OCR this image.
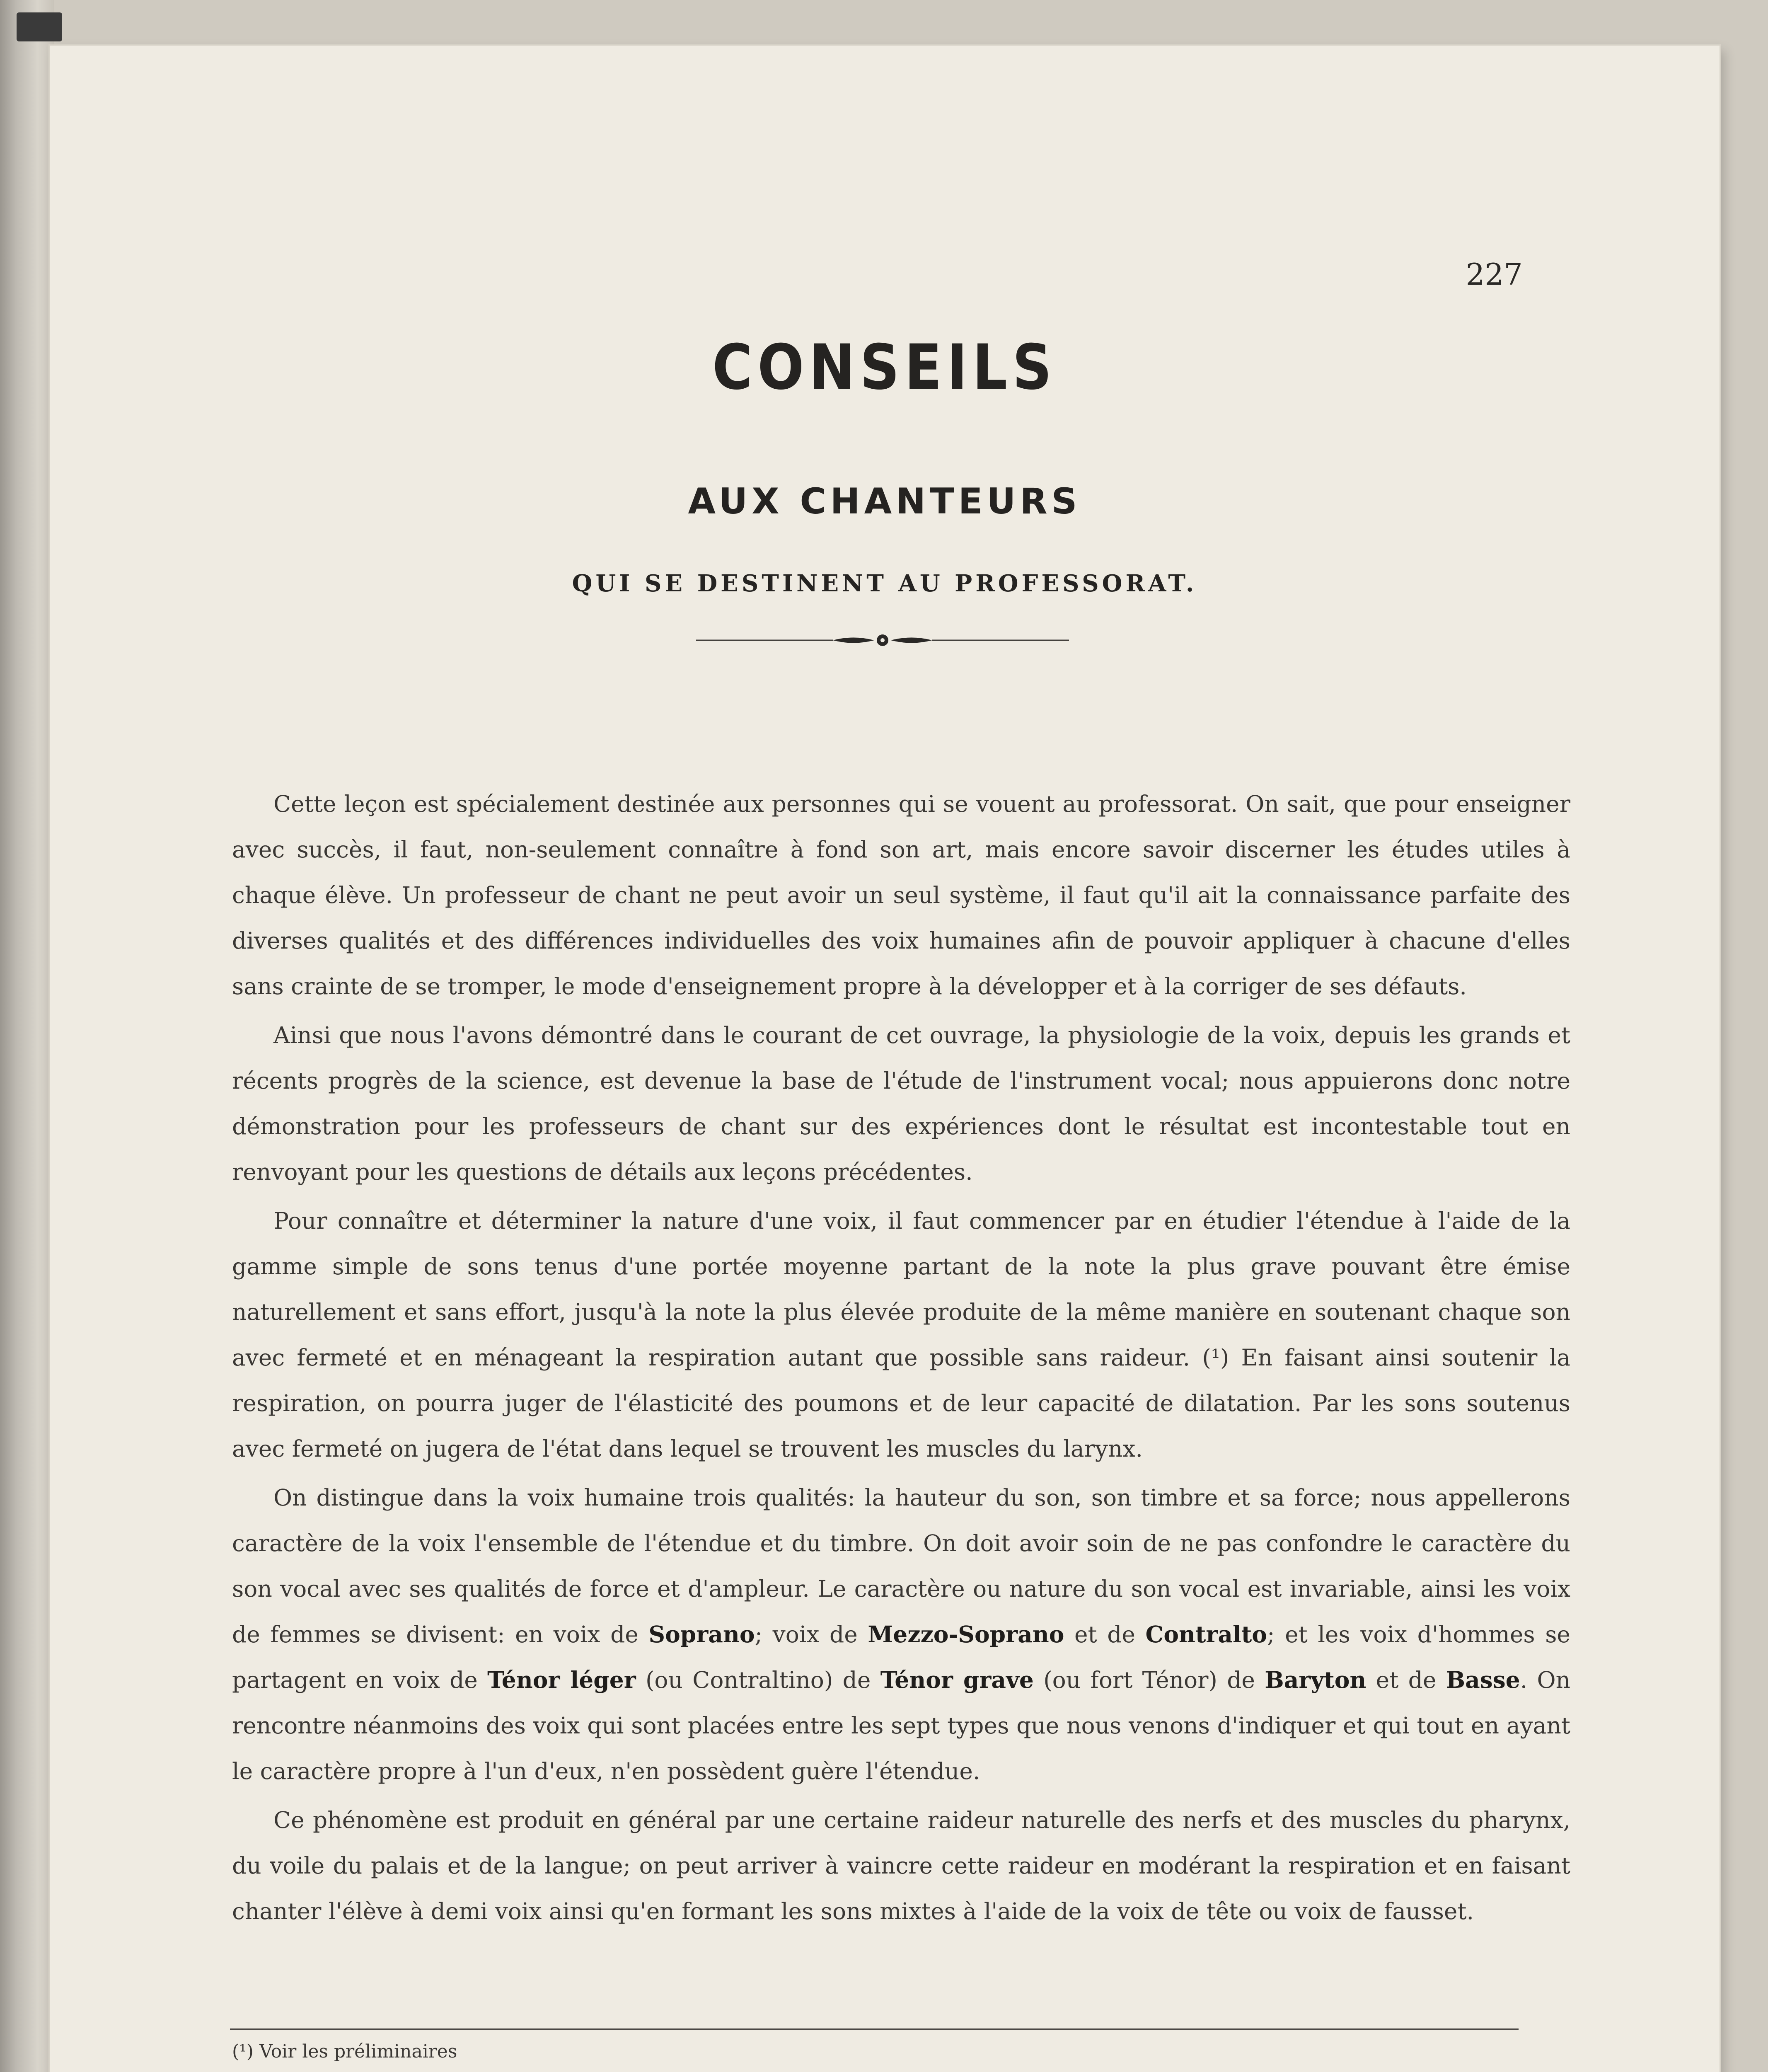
227
CONSEILS
AUX CHANTEURS
QUI SE DESTINENT AU PROFESSORAT.

Cette leçon est spécialement destinée aux personnes qui se vouent au professorat. On sait, que pour enseigner avec succès, il faut, non-seulement connaître à fond son art, mais encore savoir discerner les études utiles à chaque élève. Un professeur de chant ne peut avoir un seul système, il faut qu'il ait la connaissance parfaite des diverses qualités et des différences individuelles des voix humaines afin de pouvoir appliquer à chacune d'elles sans crainte de se tromper, le mode d'enseignement propre à la développer et à la corriger de ses défauts.

Ainsi que nous l'avons démontré dans le courant de cet ouvrage, la physiologie de la voix, depuis les grands et récents progrès de la science, est devenue la base de l'étude de l'instrument vocal; nous appuierons donc notre démonstration pour les professeurs de chant sur des expériences dont le résultat est incontestable tout en renvoyant pour les questions de détails aux leçons précédentes.

Pour connaître et déterminer la nature d'une voix, il faut commencer par en étudier l'étendue à l'aide de la gamme simple de sons tenus d'une portée moyenne partant de la note la plus grave pouvant être émise naturellement et sans effort, jusqu'à la note la plus élevée produite de la même manière en soutenant chaque son avec fermeté et en ménageant la respiration autant que possible sans raideur. (¹) En faisant ainsi soutenir la respiration, on pourra juger de l'élasticité des poumons et de leur capacité de dilatation. Par les sons soutenus avec fermeté on jugera de l'état dans lequel se trouvent les muscles du larynx.

On distingue dans la voix humaine trois qualités: la hauteur du son, son timbre et sa force; nous appellerons caractère de la voix l'ensemble de l'étendue et du timbre. On doit avoir soin de ne pas confondre le caractère du son vocal avec ses qualités de force et d'ampleur. Le caractère ou nature du son vocal est invariable, ainsi les voix de femmes se divisent: en voix de Soprano; voix de Mezzo-Soprano et de Contralto; et les voix d'hommes se partagent en voix de Ténor léger (ou Contraltino) de Ténor grave (ou fort Ténor) de Baryton et de Basse. On rencontre néanmoins des voix qui sont placées entre les sept types que nous venons d'indiquer et qui tout en ayant le caractère propre à l'un d'eux, n'en possèdent guère l'étendue.

Ce phénomène est produit en général par une certaine raideur naturelle des nerfs et des muscles du pharynx, du voile du palais et de la langue; on peut arriver à vaincre cette raideur en modérant la respiration et en faisant chanter l'élève à demi voix ainsi qu'en formant les sons mixtes à l'aide de la voix de tête ou voix de fausset.

(¹) Voir les préliminaires
